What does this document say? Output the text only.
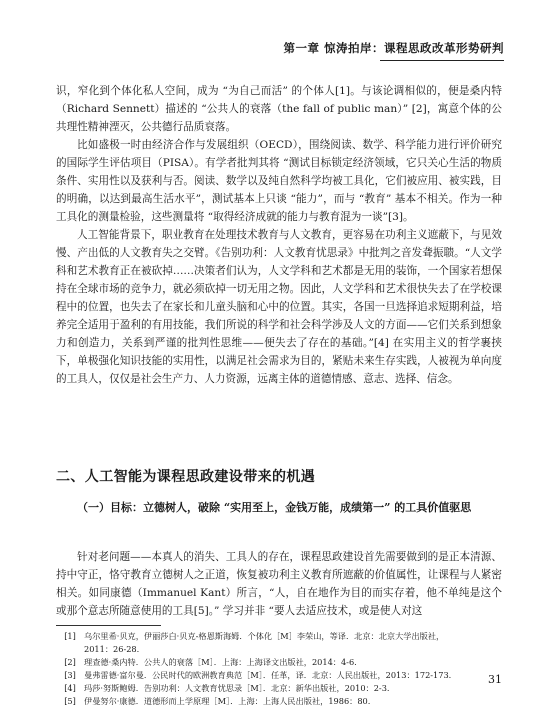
第一章 惊涛拍岸：课程思政改革形势研判

识，窄化到个体化私人空间，成为 “为自己而活” 的个体人[1]。与该论调相似的，便是桑内特（Richard Sennett）描述的 “公共人的衰落（the fall of public man）” [2]，寓意个体的公共理性精神湮灭，公共德行品质衰落。

比如盛极一时由经济合作与发展组织（OECD），围绕阅读、数学、科学能力进行评价研究的国际学生评估项目（PISA）。有学者批判其将 “测试目标锁定经济领域，它只关心生活的物质条件、实用性以及获利与否。阅读、数学以及纯自然科学均被工具化，它们被应用、被实践，目的明确，以达到最高生活水平”，测试基本上只谈 “能力”，而与 “教育” 基本不相关。作为一种工具化的测量检验，这些测量将 “取得经济成就的能力与教育混为一谈”[3]。

人工智能背景下，职业教育在处理技术教育与人文教育，更容易在功利主义遮蔽下，与见效慢、产出低的人文教育失之交臂。《告别功利：人文教育忧思录》中批判之音发聋振聩。“人文学科和艺术教育正在被砍掉……决策者们认为，人文学科和艺术都是无用的装饰，一个国家若想保持在全球市场的竞争力，就必须砍掉一切无用之物。因此，人文学科和艺术很快失去了在学校课程中的位置，也失去了在家长和儿童头脑和心中的位置。其实，各国一旦选择追求短期利益，培养完全适用于盈利的有用技能，我们所说的科学和社会科学涉及人文的方面——它们关系到想象力和创造力，关系到严谨的批判性思维——便失去了存在的基础。”[4] 在实用主义的哲学裹挟下，单极强化知识技能的实用性，以满足社会需求为目的，紧贴未来生存实践，人被视为单向度的工具人，仅仅是社会生产力、人力资源，远离主体的道德情感、意志、选择、信念。

二、人工智能为课程思政建设带来的机遇
（一）目标：立德树人，破除 “实用至上，金钱万能，成绩第一” 的工具价值驱思
针对老问题——本真人的消失、工具人的存在，课程思政建设首先需要做到的是正本清源、持中守正，恪守教育立德树人之正道，恢复被功利主义教育所遮蔽的价值属性，让课程与人紧密相关。如同康德（Immanuel Kant）所言，“人，自在地作为目的而实存着，他不单纯是这个或那个意志所随意使用的工具[5]。” 学习并非 “要人去适应技术，或是使人对这
[1]	乌尔里希·贝克，伊丽莎白·贝克-格恩斯海姆．个体化［M］李荣山，等译．北京：北京大学出版社，
2011：26-28.
[2]	理查德·桑内特．公共人的衰落［M］．上海：上海译文出版社，2014：4-6.
[3]	曼弗雷德·富尔曼．公民时代的欧洲教育典范［M］．任革，译．北京：人民出版社，2013：172-173.
[4]	玛莎·努斯鲍姆．告别功利：人文教育忧思录［M］．北京：新华出版社，2010：2-3.
[5]	伊曼努尔·康德．道德形而上学原理［M］．上海：上海人民出版社，1986：80.
31
